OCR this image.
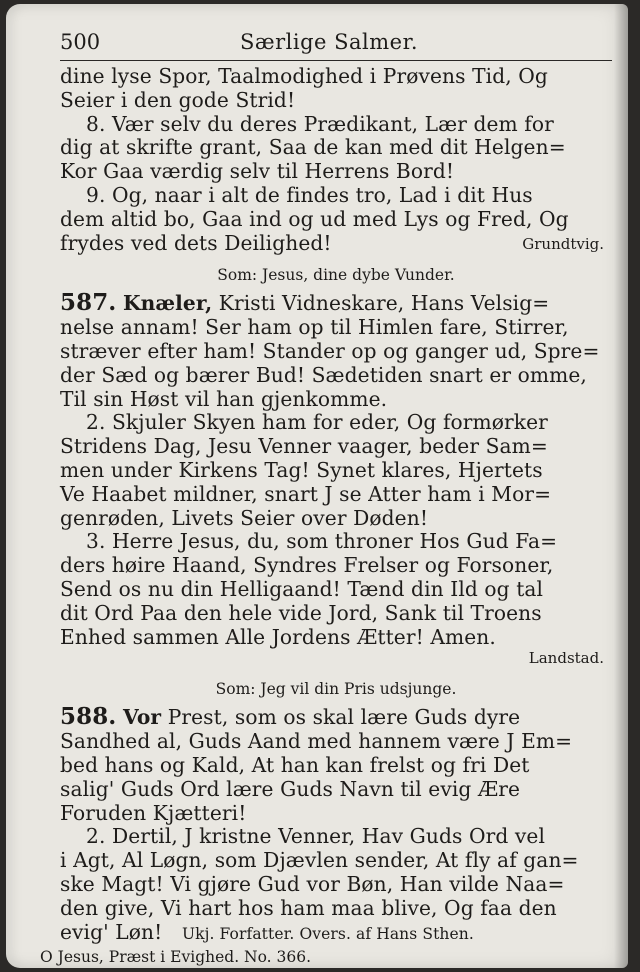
500	Særlige Salmer.
dine lyse Spor, Taalmodighed i Prøvens Tid, Og
Seier i den gode Strid!
8. Vær selv du deres Prædikant, Lær dem for
dig at skrifte grant, Saa de kan med dit Helgen=
Kor Gaa værdig selv til Herrens Bord!
9. Og, naar i alt de findes tro, Lad i dit Hus
dem altid bo, Gaa ind og ud med Lys og Fred, Og
frydes ved dets Deilighed!	Grundtvig.
Som: Jesus, dine dybe Vunder.
587. Knæler, Kristi Vidneskare, Hans Velsig=
nelse annam! Ser ham op til Himlen fare, Stirrer,
stræver efter ham! Stander op og ganger ud, Spre=
der Sæd og bærer Bud! Sædetiden snart er omme,
Til sin Høst vil han gjenkomme.
2. Skjuler Skyen ham for eder, Og formørker
Stridens Dag, Jesu Venner vaager, beder Sam=
men under Kirkens Tag! Synet klares, Hjertets
Ve Haabet mildner, snart J se Atter ham i Mor=
genrøden, Livets Seier over Døden!
3. Herre Jesus, du, som throner Hos Gud Fa=
ders høire Haand, Syndres Frelser og Forsoner,
Send os nu din Helligaand! Tænd din Ild og tal
dit Ord Paa den hele vide Jord, Sank til Troens
Enhed sammen Alle Jordens Ætter! Amen.
Landstad.
Som: Jeg vil din Pris udsjunge.
588. Vor Prest, som os skal lære Guds dyre
Sandhed al, Guds Aand med hannem være J Em=
bed hans og Kald, At han kan frelst og fri Det
salig' Guds Ord lære Guds Navn til evig Ære
Foruden Kjætteri!
2. Dertil, J kristne Venner, Hav Guds Ord vel
i Agt, Al Løgn, som Djævlen sender, At fly af gan=
ske Magt! Vi gjøre Gud vor Bøn, Han vilde Naa=
den give, Vi hart hos ham maa blive, Og faa den
evig' Løn! Ukj. Forfatter. Overs. af Hans Sthen.
O Jesus, Præst i Evighed. No. 366.
